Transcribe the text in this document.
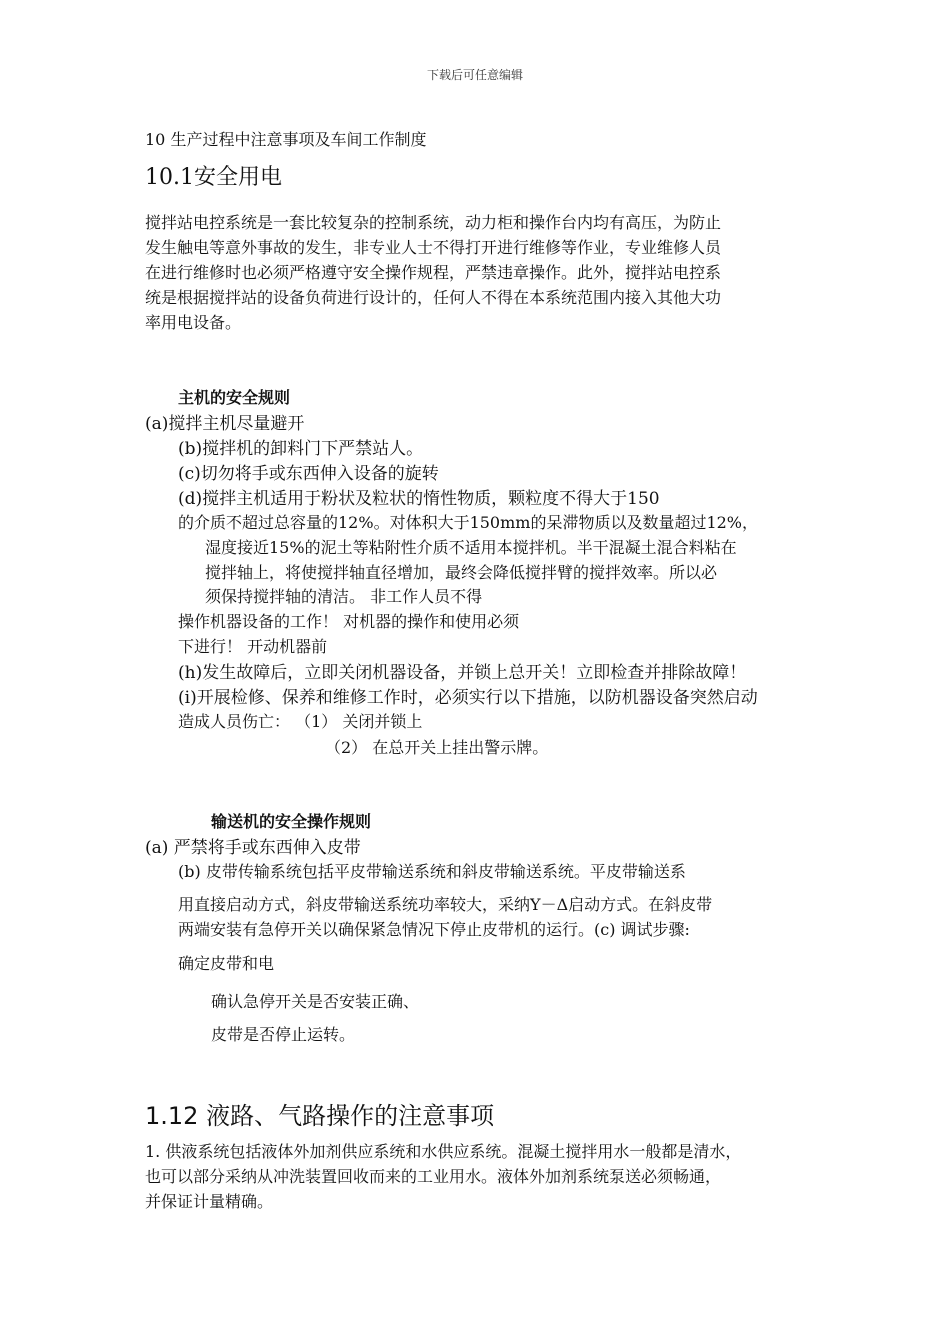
下载后可任意编辑
10 生产过程中注意事项及车间工作制度
10.1安全用电
搅拌站电控系统是一套比较复杂的控制系统，动力柜和操作台内均有高压，为防止
发生触电等意外事故的发生，非专业人士不得打开进行维修等作业，专业维修人员
在进行维修时也必须严格遵守安全操作规程，严禁违章操作。此外，搅拌站电控系
统是根据搅拌站的设备负荷进行设计的，任何人不得在本系统范围内接入其他大功
率用电设备。
主机的安全规则
(a)搅拌主机尽量避开
(b)搅拌机的卸料门下严禁站人。
(c)切勿将手或东西伸入设备的旋转
(d)搅拌主机适用于粉状及粒状的惰性物质，颗粒度不得大于150
的介质不超过总容量的12%。对体积大于150mm的呆滞物质以及数量超过12%，
湿度接近15%的泥土等粘附性介质不适用本搅拌机。半干混凝土混合料粘在
搅拌轴上，将使搅拌轴直径增加，最终会降低搅拌臂的搅拌效率。所以必
须保持搅拌轴的清洁。 非工作人员不得
操作机器设备的工作！ 对机器的操作和使用必须
下进行！ 开动机器前
(h)发生故障后，立即关闭机器设备，并锁上总开关！立即检查并排除故障！
(i)开展检修、保养和维修工作时，必须实行以下措施，以防机器设备突然启动
造成人员伤亡： （1） 关闭并锁上
（2） 在总开关上挂出警示牌。
输送机的安全操作规则
(a) 严禁将手或东西伸入皮带
(b) 皮带传输系统包括平皮带输送系统和斜皮带输送系统。平皮带输送系
用直接启动方式，斜皮带输送系统功率较大，采纳Y－Δ启动方式。在斜皮带
两端安装有急停开关以确保紧急情况下停止皮带机的运行。(c) 调试步骤:
确定皮带和电
确认急停开关是否安装正确、
皮带是否停止运转。
1.12 液路、气路操作的注意事项
1. 供液系统包括液体外加剂供应系统和水供应系统。混凝土搅拌用水一般都是清水，
也可以部分采纳从冲洗装置回收而来的工业用水。液体外加剂系统泵送必须畅通，
并保证计量精确。
